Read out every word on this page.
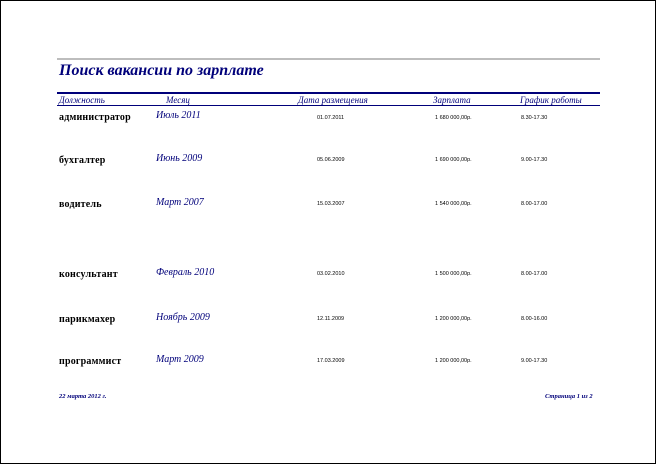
Поиск вакансии по зарплате
Должность	Месяц	Дата размещения	Зарплата	График работы
администратор	Июль 2011	01.07.2011	1 680 000,00р.	8.30-17.30
бухгалтер	Июнь 2009	05.06.2009	1 690 000,00р.	9.00-17.30
водитель	Март 2007	15.03.2007	1 540 000,00р.	8.00-17.00
консультант	Февраль 2010	03.02.2010	1 500 000,00р.	8.00-17.00
парикмахер	Ноябрь 2009	12.11.2009	1 200 000,00р.	8.00-16.00
программист	Март 2009	17.03.2009	1 200 000,00р.	9.00-17.30
22 марта 2012 г.	Страница 1 из 2
